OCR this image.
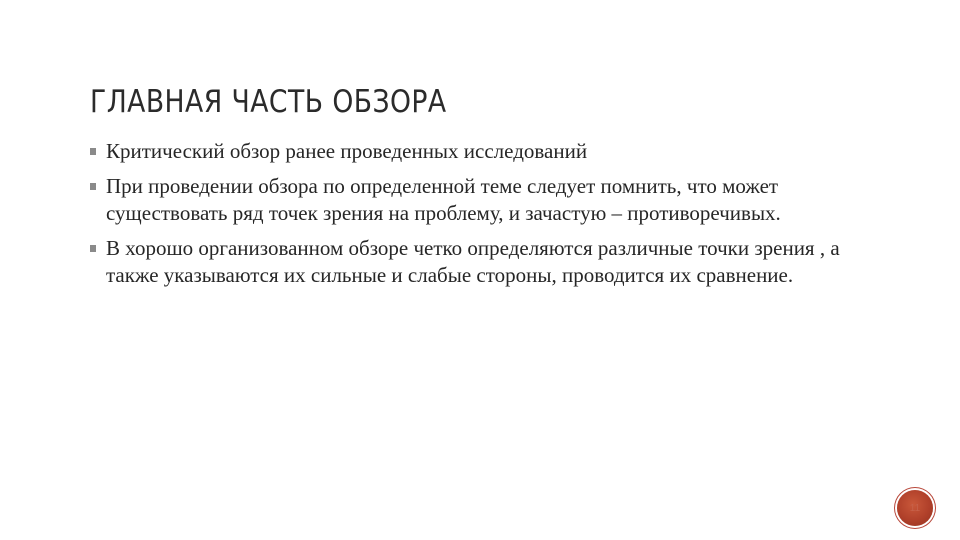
ГЛАВНАЯ ЧАСТЬ ОБЗОРА
Критический обзор ранее проведенных исследований
При проведении обзора по определенной теме следует помнить, что может существовать ряд точек зрения на проблему, и зачастую – противоречивых.
В хорошо организованном обзоре четко определяются различные точки зрения , а также указываются их сильные и слабые стороны, проводится их сравнение.
11
